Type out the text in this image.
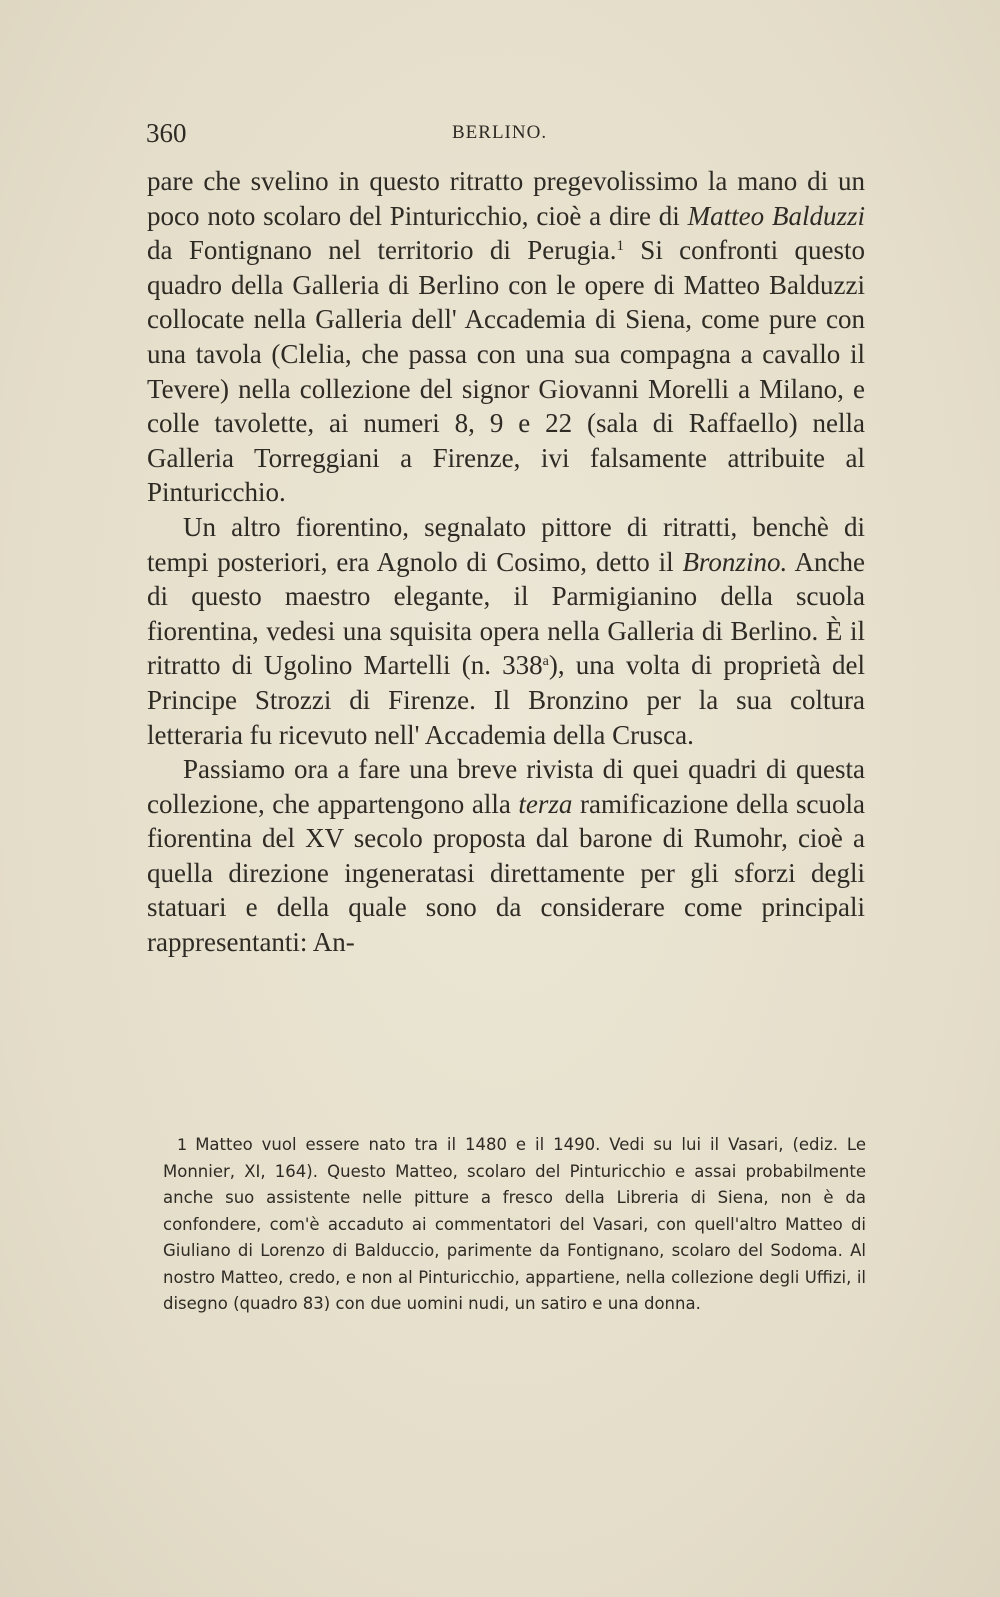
360	BERLINO.

pare che svelino in questo ritratto pregevolissimo la mano di un poco noto scolaro del Pinturicchio, cioè a dire di Matteo Balduzzi da Fontignano nel territorio di Perugia.$^1$ Si confronti questo quadro della Galleria di Berlino con le opere di Matteo Balduzzi collocate nella Galleria dell' Accademia di Siena, come pure con una tavola (Clelia, che passa con una sua compagna a cavallo il Tevere) nella collezione del signor Giovanni Morelli a Milano, e colle tavolette, ai numeri 8, 9 e 22 (sala di Raffaello) nella Galleria Torreggiani a Firenze, ivi falsamente attribuite al Pinturicchio.

Un altro fiorentino, segnalato pittore di ritratti, benchè di tempi posteriori, era Agnolo di Cosimo, detto il Bronzino. Anche di questo maestro elegante, il Parmigianino della scuola fiorentina, vedesi una squisita opera nella Galleria di Berlino. È il ritratto di Ugolino Martelli (n. 338$^a$), una volta di proprietà del Principe Strozzi di Firenze. Il Bronzino per la sua coltura letteraria fu ricevuto nell' Accademia della Crusca.

Passiamo ora a fare una breve rivista di quei quadri di questa collezione, che appartengono alla terza ramificazione della scuola fiorentina del XV secolo proposta dal barone di Rumohr, cioè a quella direzione ingeneratasi direttamente per gli sforzi degli statuari e della quale sono da considerare come principali rappresentanti: An-

1 Matteo vuol essere nato tra il 1480 e il 1490. Vedi su lui il Vasari, (ediz. Le Monnier, XI, 164). Questo Matteo, scolaro del Pinturicchio e assai probabilmente anche suo assistente nelle pitture a fresco della Libreria di Siena, non è da confondere, com'è accaduto ai commentatori del Vasari, con quell'altro Matteo di Giuliano di Lorenzo di Balduccio, parimente da Fontignano, scolaro del Sodoma. Al nostro Matteo, credo, e non al Pinturicchio, appartiene, nella collezione degli Uffizi, il disegno (quadro 83) con due uomini nudi, un satiro e una donna.
